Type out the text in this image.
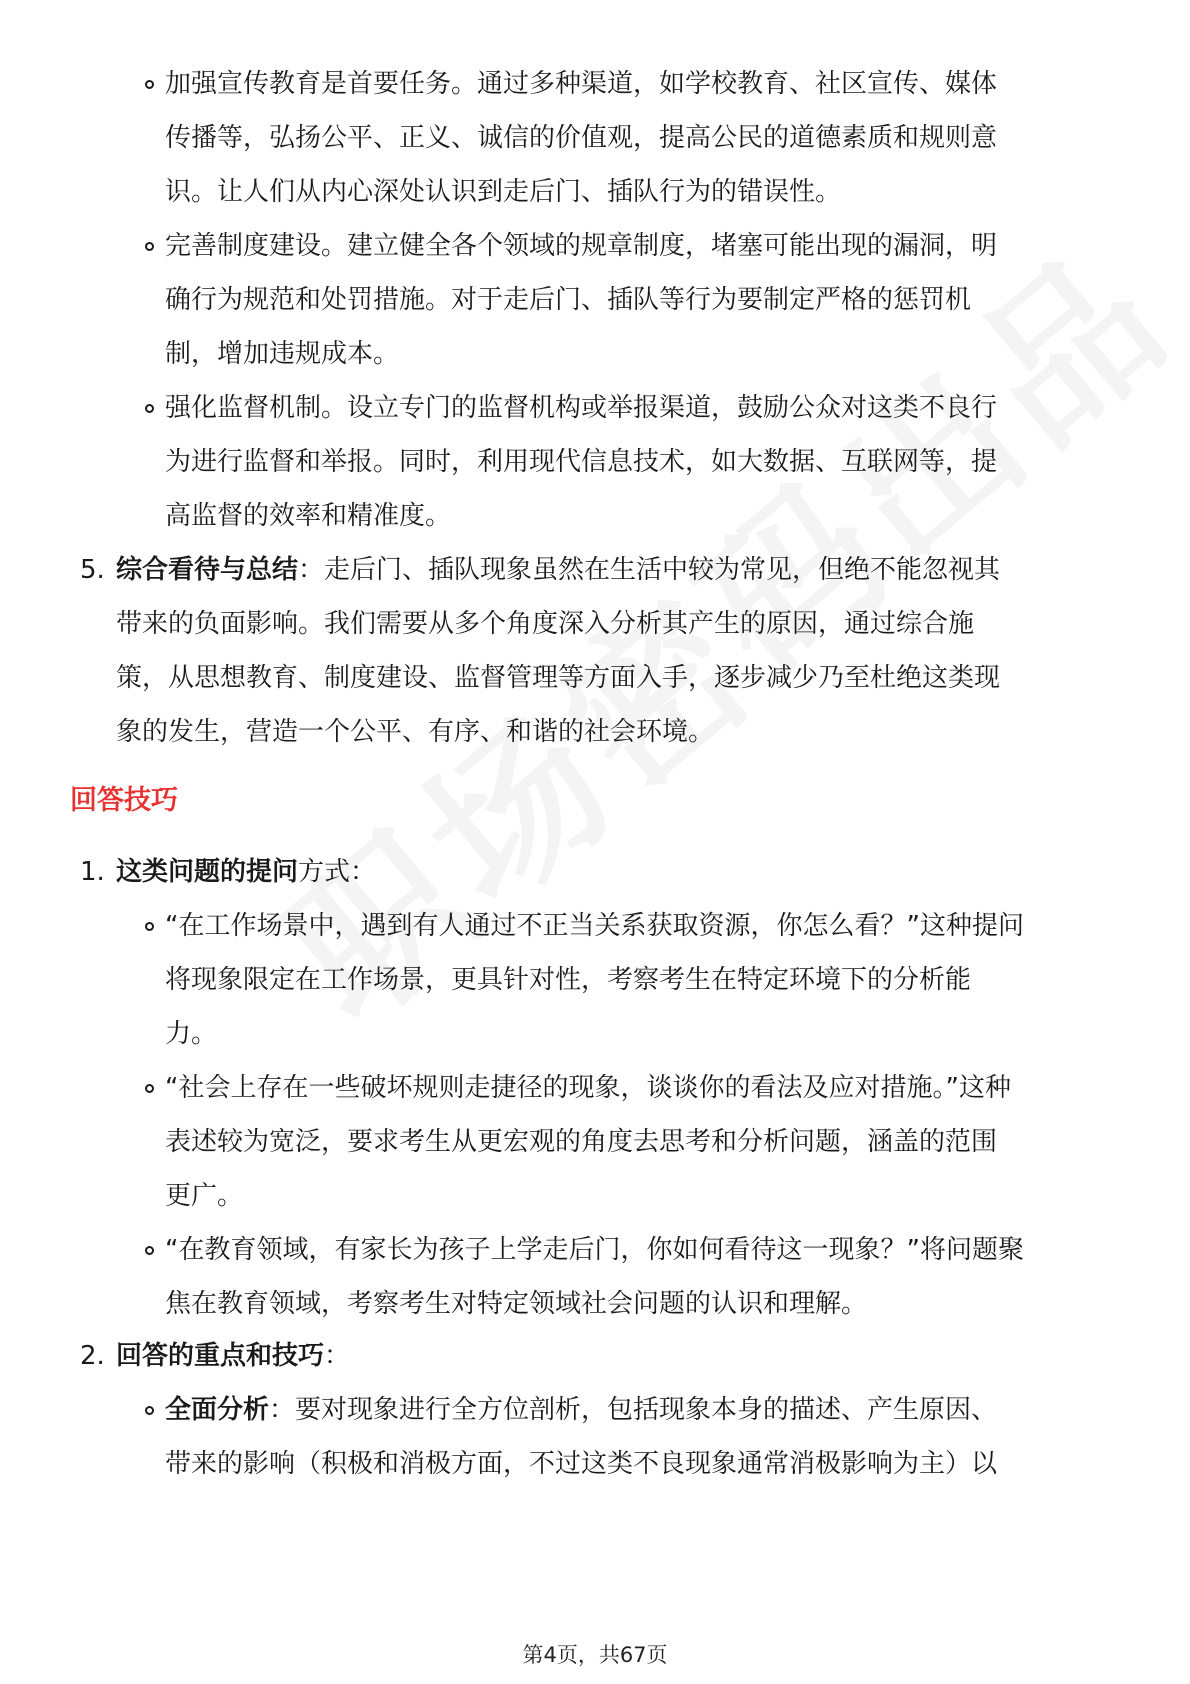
加强宣传教育是首要任务。通过多种渠道，如学校教育、社区宣传、媒体
传播等，弘扬公平、正义、诚信的价值观，提高公民的道德素质和规则意
识。让人们从内心深处认识到走后门、插队行为的错误性。
完善制度建设。建立健全各个领域的规章制度，堵塞可能出现的漏洞，明
确行为规范和处罚措施。对于走后门、插队等行为要制定严格的惩罚机
制，增加违规成本。
强化监督机制。设立专门的监督机构或举报渠道，鼓励公众对这类不良行
为进行监督和举报。同时，利用现代信息技术，如大数据、互联网等，提
高监督的效率和精准度。
5. 综合看待与总结：走后门、插队现象虽然在生活中较为常见，但绝不能忽视其
带来的负面影响。我们需要从多个角度深入分析其产生的原因，通过综合施
策，从思想教育、制度建设、监督管理等方面入手，逐步减少乃至杜绝这类现
象的发生，营造一个公平、有序、和谐的社会环境。
回答技巧
1. 这类问题的提问方式：
“在工作场景中，遇到有人通过不正当关系获取资源，你怎么看？”这种提问
将现象限定在工作场景，更具针对性，考察考生在特定环境下的分析能
力。
“社会上存在一些破坏规则走捷径的现象，谈谈你的看法及应对措施。”这种
表述较为宽泛，要求考生从更宏观的角度去思考和分析问题，涵盖的范围
更广。
“在教育领域，有家长为孩子上学走后门，你如何看待这一现象？”将问题聚
焦在教育领域，考察考生对特定领域社会问题的认识和理解。
2. 回答的重点和技巧：
全面分析：要对现象进行全方位剖析，包括现象本身的描述、产生原因、
带来的影响（积极和消极方面，不过这类不良现象通常消极影响为主）以
第4页，共67页
